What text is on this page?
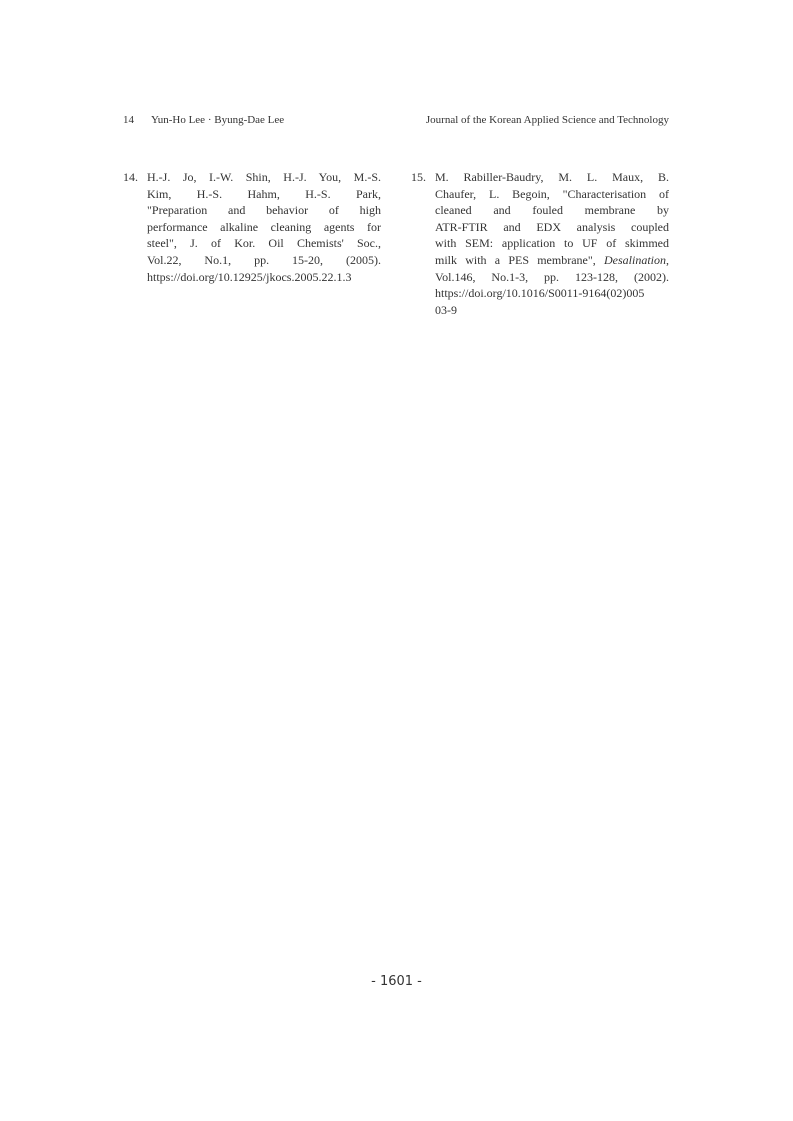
14 Yun-Ho Lee · Byung-Dae Lee	Journal of the Korean Applied Science and Technology
14. H.-J. Jo, I.-W. Shin, H.-J. You, M.-S.
Kim, H.-S. Hahm, H.-S. Park,
"Preparation and behavior of high
performance alkaline cleaning agents for
steel", J. of Kor. Oil Chemists' Soc.,
Vol.22, No.1, pp. 15-20, (2005).
https://doi.org/10.12925/jkocs.2005.22.1.3
15. M. Rabiller-Baudry, M. L. Maux, B.
Chaufer, L. Begoin, "Characterisation of
cleaned and fouled membrane by
ATR-FTIR and EDX analysis coupled
with SEM: application to UF of skimmed
milk with a PES membrane", Desalination,
Vol.146, No.1-3, pp. 123-128, (2002).
https://doi.org/10.1016/S0011-9164(02)005
03-9
- 1601 -
